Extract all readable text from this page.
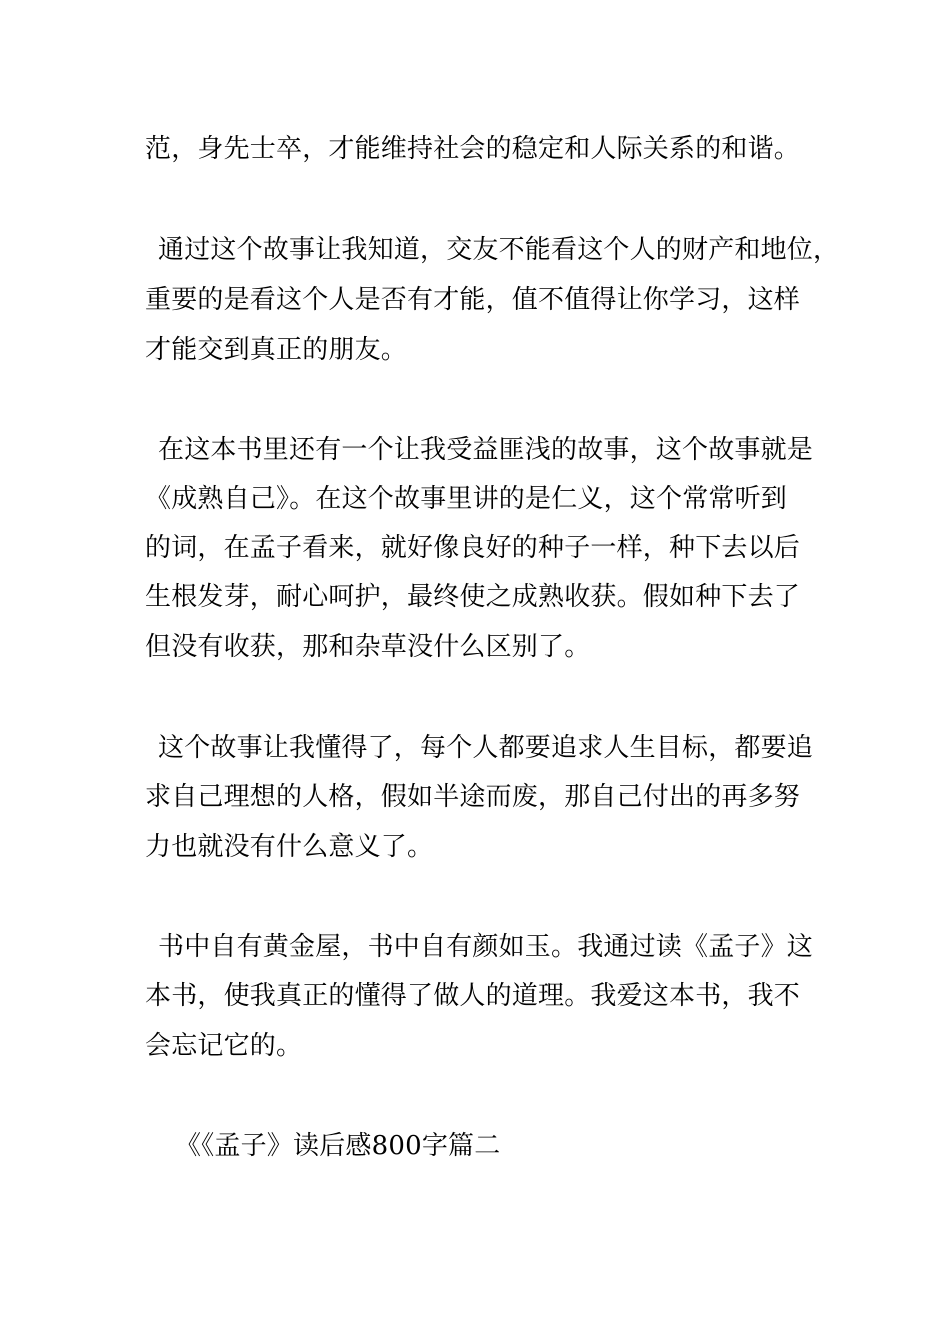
范，身先士卒，才能维持社会的稳定和人际关系的和谐。
通过这个故事让我知道，交友不能看这个人的财产和地位，
重要的是看这个人是否有才能，值不值得让你学习，这样
才能交到真正的朋友。
在这本书里还有一个让我受益匪浅的故事，这个故事就是
《成熟自己》。在这个故事里讲的是仁义，这个常常听到
的词，在孟子看来，就好像良好的种子一样，种下去以后
生根发芽，耐心呵护，最终使之成熟收获。假如种下去了
但没有收获，那和杂草没什么区别了。
这个故事让我懂得了，每个人都要追求人生目标，都要追
求自己理想的人格，假如半途而废，那自己付出的再多努
力也就没有什么意义了。
书中自有黄金屋，书中自有颜如玉。我通过读《孟子》这
本书，使我真正的懂得了做人的道理。我爱这本书，我不
会忘记它的。
《《孟子》读后感800字篇二
